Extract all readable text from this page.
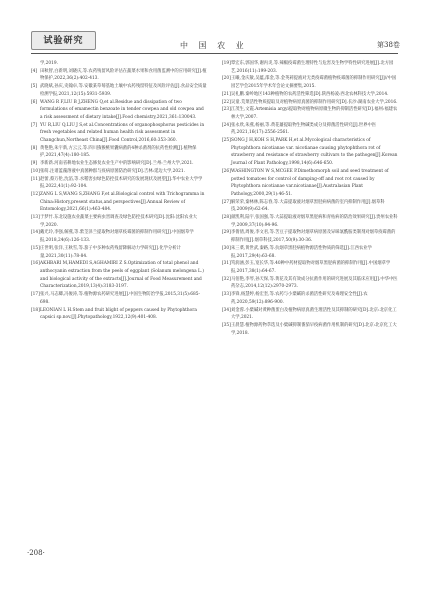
试验研究
中 国 农 业	第38卷
学,2019.
[4] 田秋智,白新明,刘晓庆,等.农药残留风险评估在蔬菜水果和食用菌监测中的应用研究[J].植物保护,2022,36(2):402-413.
[5] 武晓斌,孙庆,史翰卓,等.安徽某草莓基地土壤中农药残留特征及风险评估[J].食品安全质量检测学报,2021,12(15):5931-5939.
[6] WANG R F,LIU B J,ZHENG Q,et al.Residue and dissipation of two formulations of emamectin benzoate in tender cowpea and old cowpea and a risk assessment of dietary intake[J].Food chemistry,2021,361:130043.
[7] YU R,LIU Q,LIU J S,et al.Concentrations of organophosphorus pesticides in fresh vegetables and related human health risk assessment in Changchun,Northeast China[J].Food Control,2016,60:353-360.
[8] 黄艳艳,朱宇新,方云云,等.四川猕猴桃果囊病菌的4种杀菌剂的抗药性检测[J].植物保护,2021,47(4):180-185.
[9] 李新新.河南省耕地农业生态修复农业生产中的影响研究[D].兰州:兰州大学,2021.
[10]张萌.注谱蓝藻溶液中真菌种群与疫病原菌防治研究[D].吉林:延边大学,2021.
[11]赵蕾,蔡万伦,沈滔,等.水稻害虫绿色防控技术研究的发展现状及展望[J].华中农业大学学报,2022,41(1):92-104.
[12]ZANG L S,WANG S,ZHANG F,et al.Biological control with Trichogramma in China:History,present status,and perspectives[J].Annual Review of Entomology,2021,66(1):463-484.
[13]于梦竹.东北设施农业蔬菜主要病虫害调查及绿色防控技术研究[D].沈阳:沈阳农业大学,2020.
[14]戴光玲,李强,解燕,等.紫茎泽兰提取物对烟草疫霉菌的抑制作用研究[J].中国烟草学报,2018,24(6):126-133.
[15]庄世明,张洋,王秋雪,等.茄子中多种农药残留降解动力学研究[J].化学分析计量,2021,30(11):78-84.
[16]AKHBARI M,HAMEDI S,AGHAMIRI Z S.Optimization of total phenol and anthocyanin extraction from the peels of eggplant (Solanum melongena L.) and biological activity of the extracts[J].Journal of Food Measurement and Characterization,2019,13(4):3183-3197.
[17]张兴,马志卿,冯俊涛,等.植物源农药研究进展[J].中国生物防治学报,2015,31(5):685-698.
[18]LEONIAN L H.Stem and fruit blight of peppers caused by Phytophthora capsici sp.nov.[J].Phytopathology,1922,12(9):401-408.
[19]覃宏东,郭国华,谢丙炎,等.辣椒疫霉菌生理特性与危害及生物学特性研究进展[J].北方园艺,2016(11):199-203.
[20]王曦,金庆敏,吴蕴,邵金,等.金英莉提液对无类疫霉菌植物疫霉菌的抑制作用研究[J]//中国园艺学会2015年学术年会论文摘要集,2015.
[21]吴礼鹏.秦岭地区143种植物的农药活性筛选[D].陕西杨凌:西北农林科技大学,2014.
[22]吴童.荒菜活性物质提取及对植物病原真菌的抑制作用研究[D].长沙:湖南农业大学,2016.
[23]江茂生,文霞.Artemisia argyi提取物对植物病原微生物的抑制活性研究[D].福州:福建农林大学,2007.
[24]张永欣,朱燕,杨丽,等.黄花薹提取物生物碱类成分及抑菌活性研究[J].世界中医药,2021,16(17):2556-2561.
[25]SONG J H,KOH S H,PARK H,et al.Mycological characteristics of Phytophthora nicotianae var. nicotianae causing phytophthora rot of strawberry and resistance of strawberry cultivars to the pathogen[J].Korean Journal of Plant Pathology,1998,14(6):646-650.
[26]WASHINGTON W S,MCGEE P.Dimethomorph soil and seed treatment of potted tomatoes for control of damping-off and root rot caused by Phytophthora nicotianae var.nicotianae[J].Australasian Plant Pathology,2000,29(1):46-51.
[27]解荣荣,秦林林,陈志春,等.大蒜提取液对烟草黑胫病病菌的室内抑制作用[J].烟草科技,2009(9):62-64.
[28]颜凯利,陆宇,张国强,等.大蒜提取液对烟草黑胫病和青枯病的防治效果研究[J].贵州农业科学,2009,37(10):94-96.
[29]李倩倩,周俊,李文君,等.苦豆子提取物对烟草病原菌及异咪氯酰胺类制剂对烟草疫霉菌的抑制作用[J].烟草科技,2017,50(9):30-36.
[30]朱三菜,黄世武,秦路,等.抗烟草黑胫病植物源活性物质的筛选[J].江西农业学报,2017,29(4):63-68.
[31]笃润涵,彭玉,宽长华,等.40种中药材提取物对烟草黑胫病菌的抑制作用[J].中国烟草学报,2017,38(1):64-67.
[32]马佰艳,李琴,孙天保,等.黄花及其有效成分抗菌作用的研究进展及其临床应用[J].中华中医药杂志,2014,12(12):2970-2973.
[33]李锋,杨慧婷,杨宏奎,等.农药与小檗碱的杀菌活性研究及毒理安全性[J].农药,2020,59(12):896-900.
[34]刘金蓉.小檗碱对黄种菌蛋白及植物病原真菌生理活性及其抑制的研究[D].北京:北京化工大学,2021.
[35]王晨慧.植物源药物萃选及小檗碱抑制番茄早疫病菌作用机制的研究[D].北京:北京化工大学,2018.
·208·
